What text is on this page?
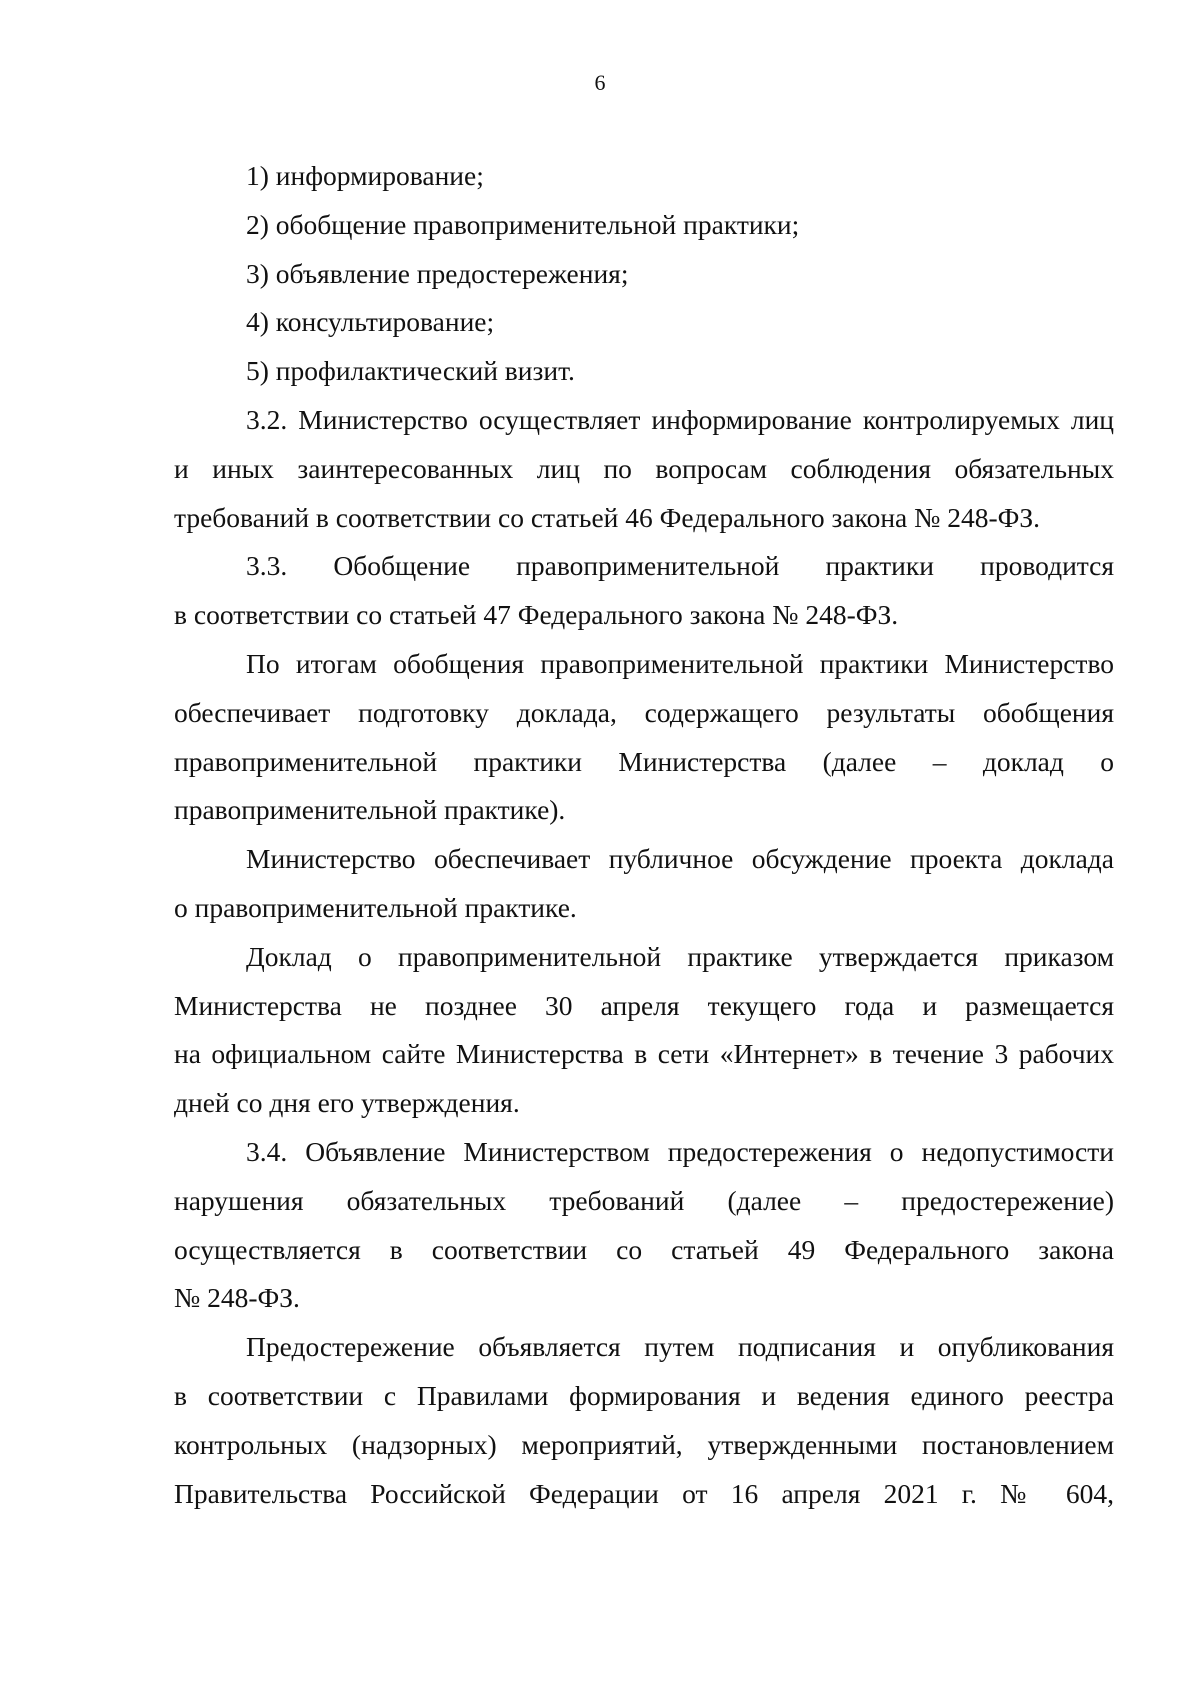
6
1) информирование;
2) обобщение правоприменительной практики;
3) объявление предостережения;
4) консультирование;
5) профилактический визит.
3.2. Министерство осуществляет информирование контролируемых лиц
и иных заинтересованных лиц по вопросам соблюдения обязательных
требований в соответствии со статьей 46 Федерального закона № 248-ФЗ.
3.3. Обобщение правоприменительной практики проводится
в соответствии со статьей 47 Федерального закона № 248-ФЗ.
По итогам обобщения правоприменительной практики Министерство
обеспечивает подготовку доклада, содержащего результаты обобщения
правоприменительной практики Министерства (далее – доклад о
правоприменительной практике).
Министерство обеспечивает публичное обсуждение проекта доклада
о правоприменительной практике.
Доклад о правоприменительной практике утверждается приказом
Министерства не позднее 30 апреля текущего года и размещается
на официальном сайте Министерства в сети «Интернет» в течение 3 рабочих
дней со дня его утверждения.
3.4. Объявление Министерством предостережения о недопустимости
нарушения обязательных требований (далее – предостережение)
осуществляется в соответствии со статьей 49 Федерального закона
№ 248-ФЗ.
Предостережение объявляется путем подписания и опубликования
в соответствии с Правилами формирования и ведения единого реестра
контрольных (надзорных) мероприятий, утвержденными постановлением
Правительства Российской Федерации от 16 апреля 2021 г. № 604,
